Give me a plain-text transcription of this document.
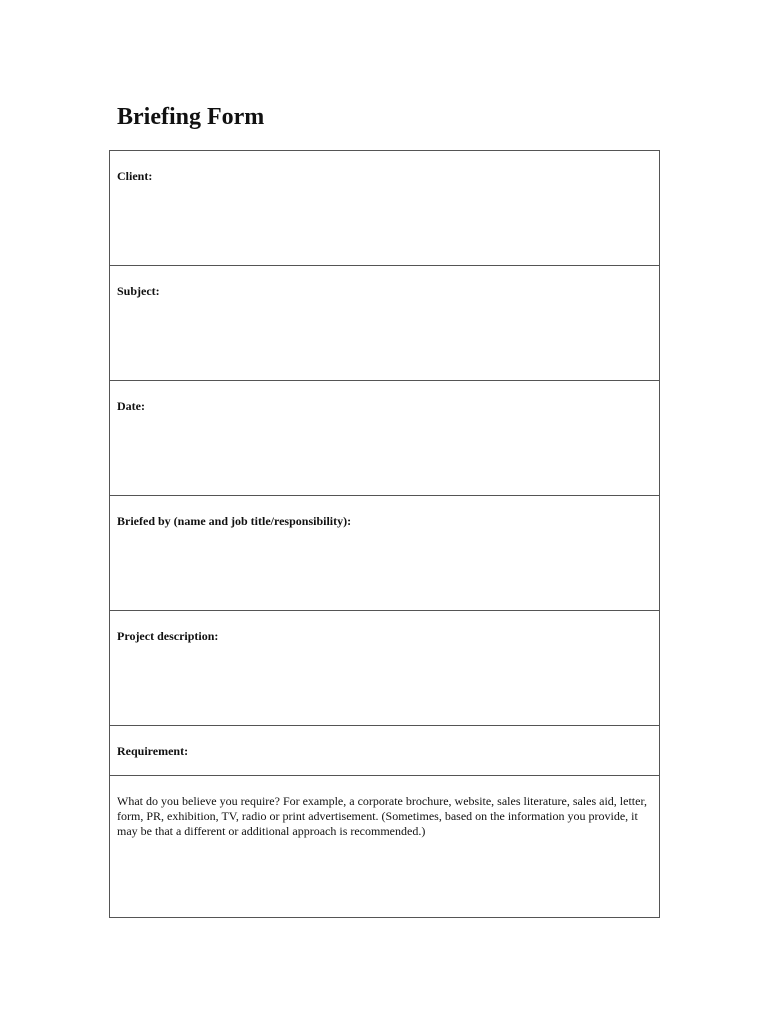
Briefing Form
Client:

Subject:

Date:

Briefed by (name and job title/responsibility):

Project description:

Requirement:

What do you believe you require? For example, a corporate brochure, website, sales literature, sales aid, letter, form, PR, exhibition, TV, radio or print advertisement. (Sometimes, based on the information you provide, it may be that a different or additional approach is recommended.)
